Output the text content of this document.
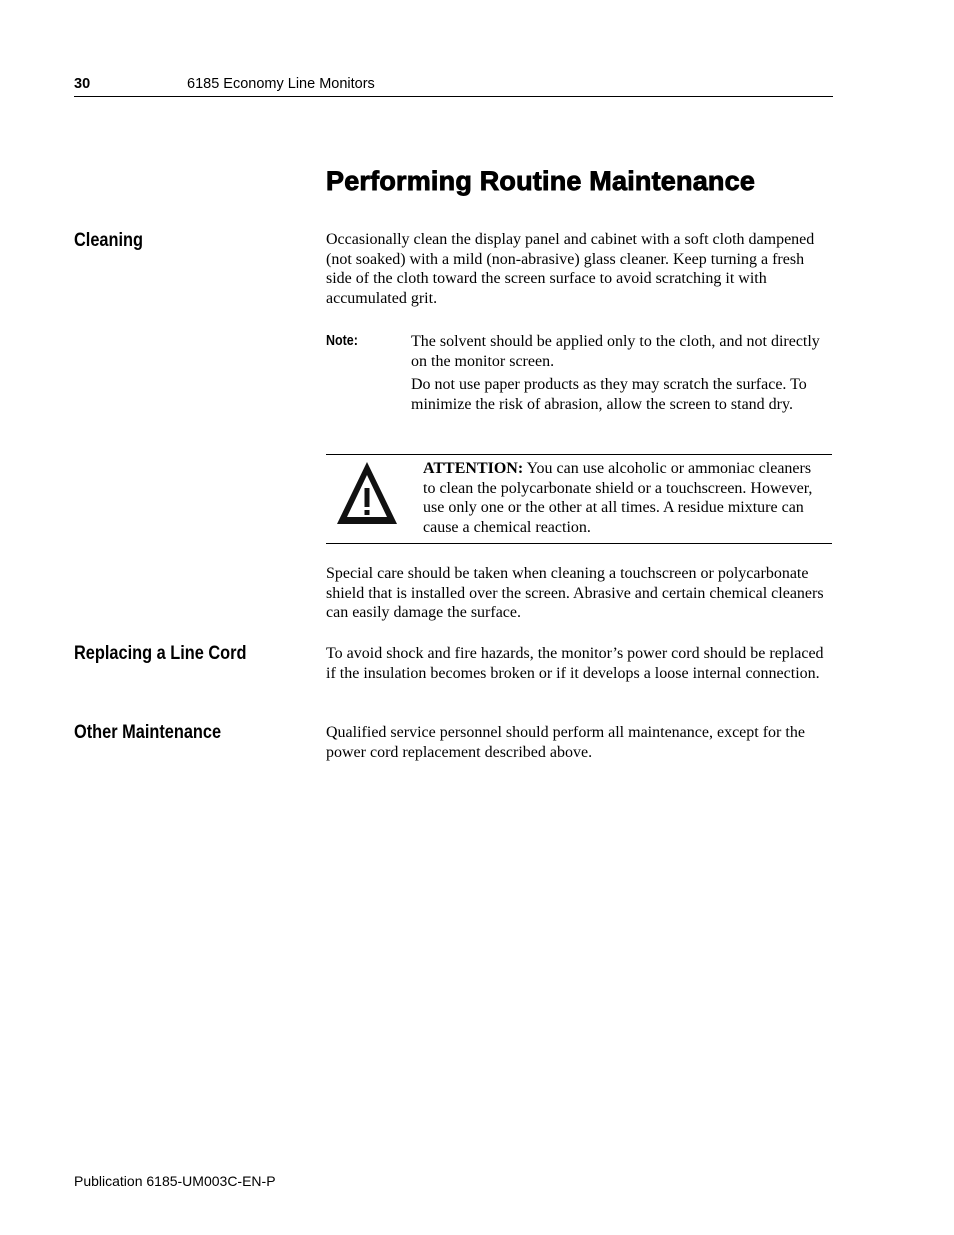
30	6185 Economy Line Monitors
Performing Routine Maintenance
Cleaning	Occasionally clean the display panel and cabinet with a soft cloth dampened (not soaked) with a mild (non-abrasive) glass cleaner. Keep turning a fresh side of the cloth toward the screen surface to avoid scratching it with accumulated grit.

Note:	The solvent should be applied only to the cloth, and not directly on the monitor screen.

Do not use paper products as they may scratch the surface. To minimize the risk of abrasion, allow the screen to stand dry.

ATTENTION: You can use alcoholic or ammoniac cleaners to clean the polycarbonate shield or a touchscreen. However, use only one or the other at all times. A residue mixture can cause a chemical reaction.

Special care should be taken when cleaning a touchscreen or polycarbonate shield that is installed over the screen. Abrasive and certain chemical cleaners can easily damage the surface.

Replacing a Line Cord	To avoid shock and fire hazards, the monitor’s power cord should be replaced if the insulation becomes broken or if it develops a loose internal connection.

Other Maintenance	Qualified service personnel should perform all maintenance, except for the power cord replacement described above.

Publication 6185-UM003C-EN-P
